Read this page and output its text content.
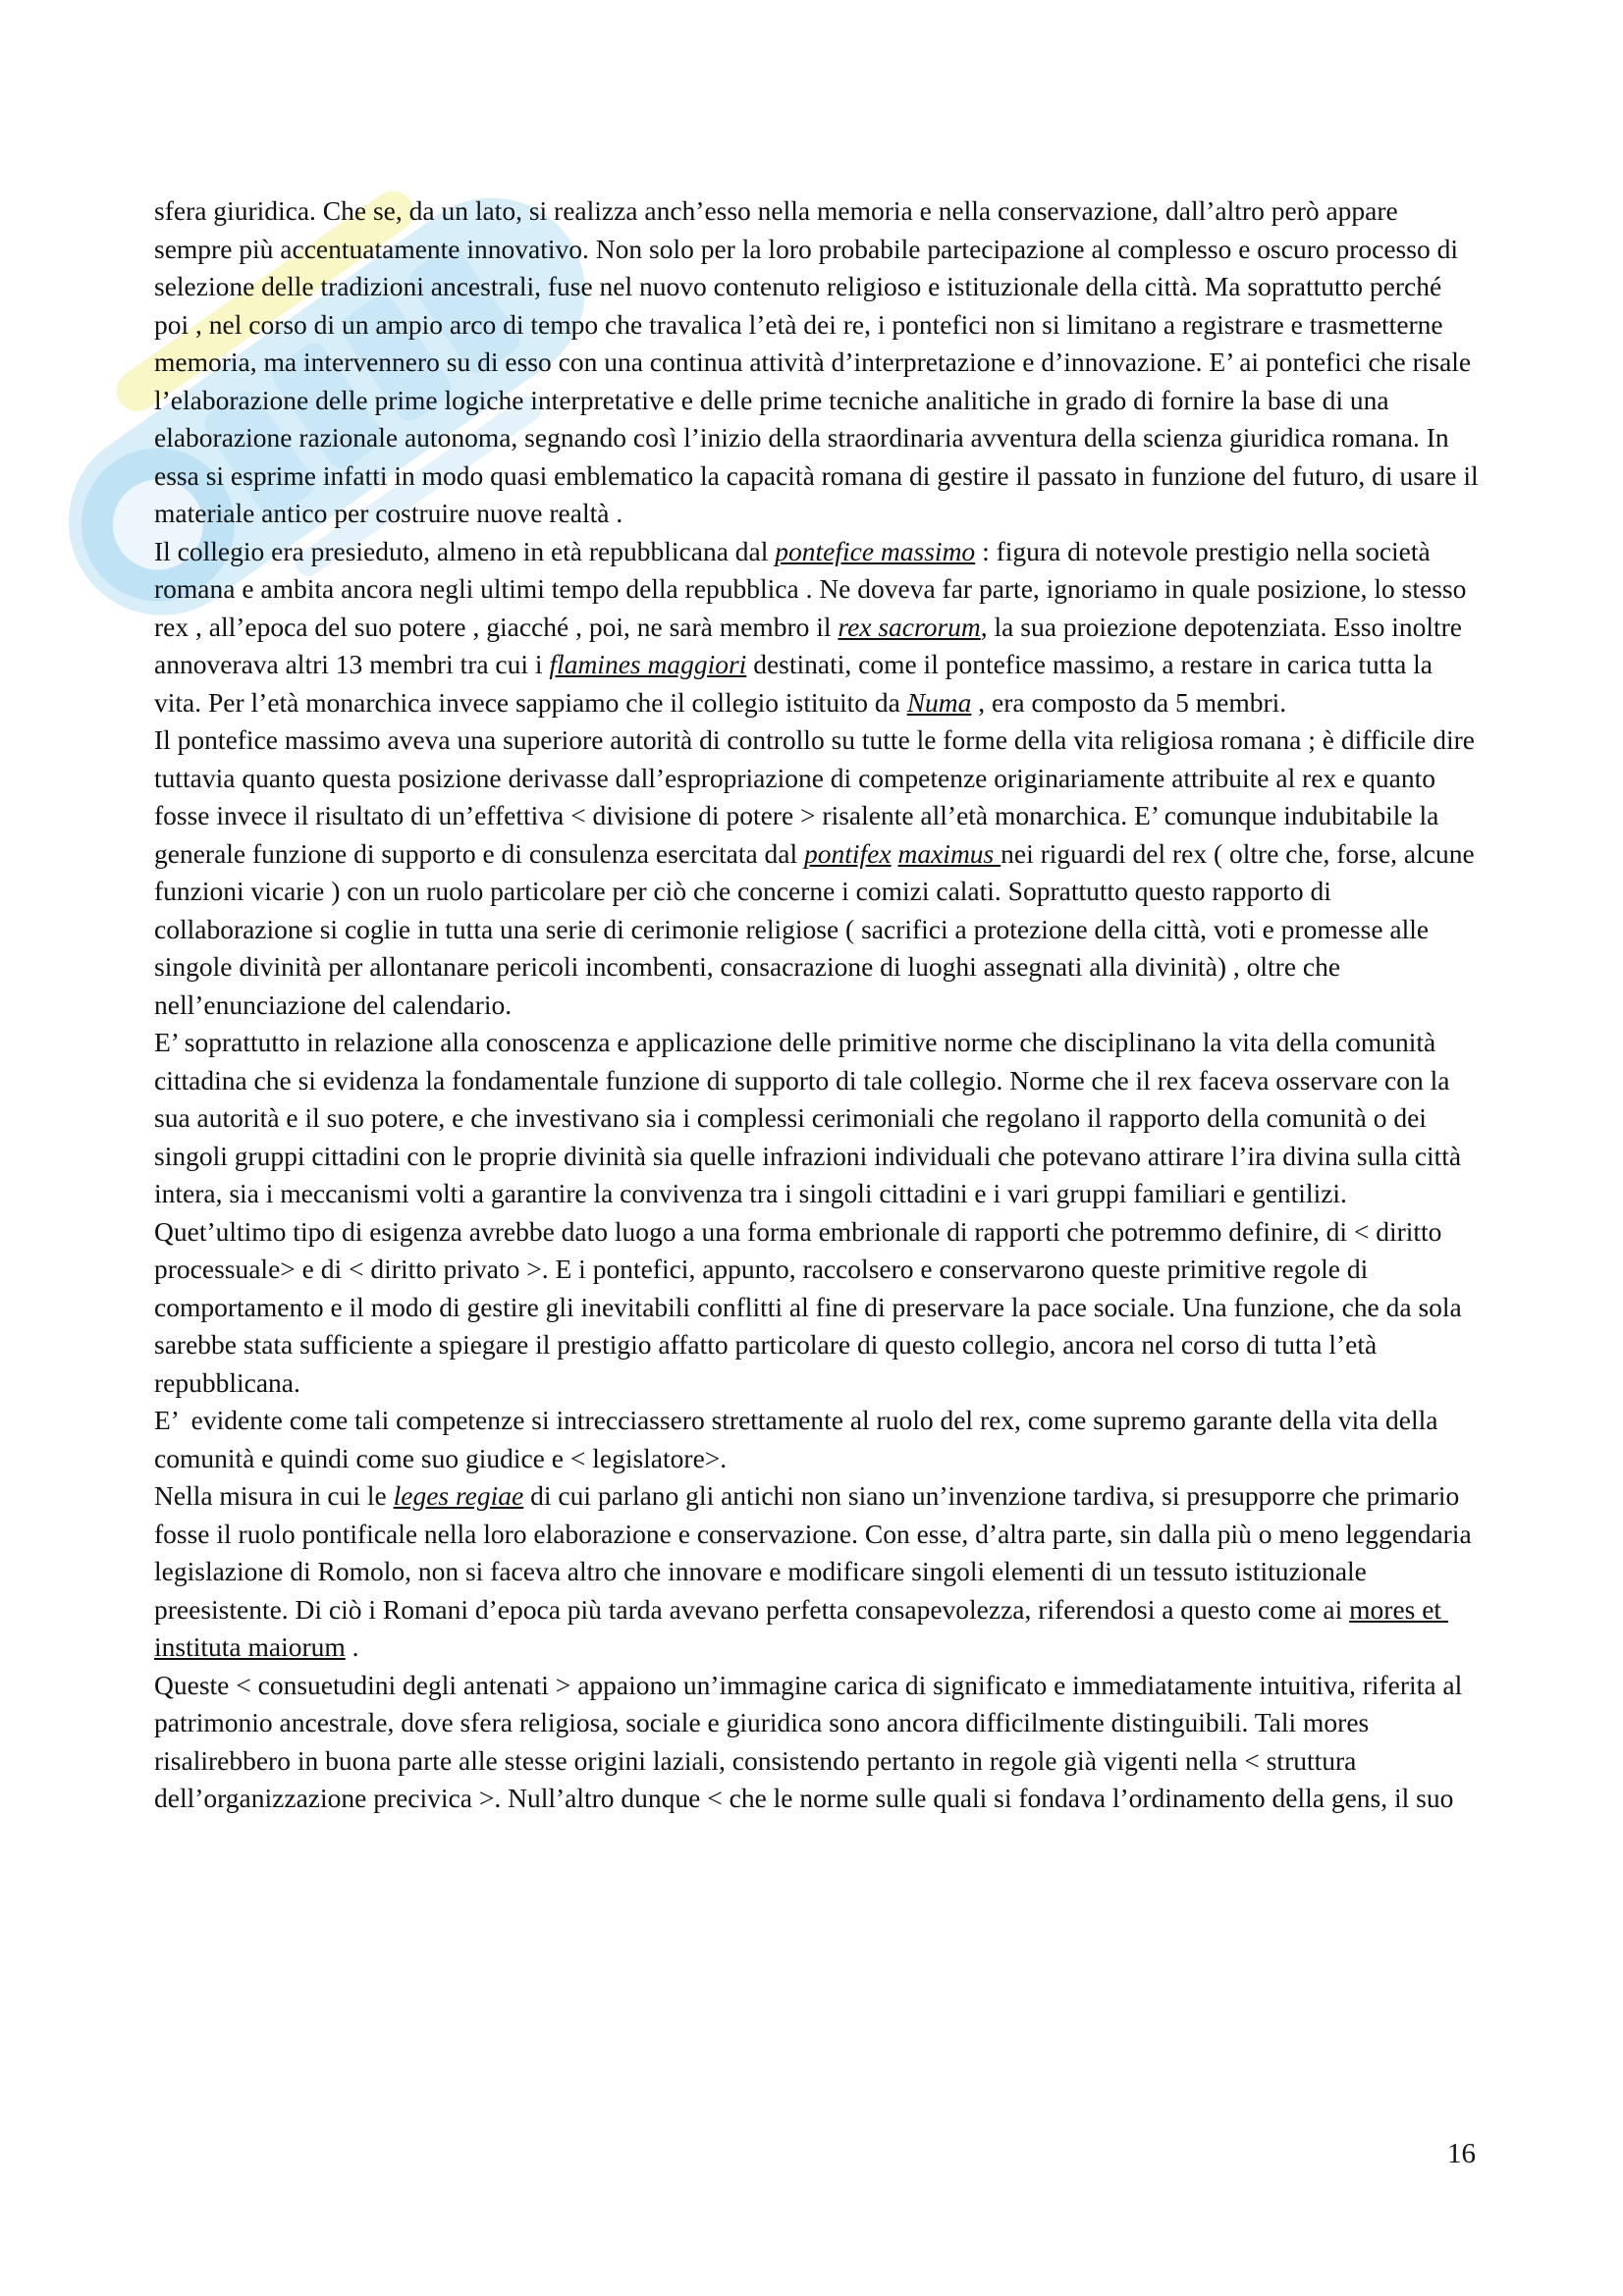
sfera giuridica. Che se, da un lato, si realizza anch’esso nella memoria e nella conservazione, dall’altro però appare sempre più accentuatamente innovativo. Non solo per la loro probabile partecipazione al complesso e oscuro processo di selezione delle tradizioni ancestrali, fuse nel nuovo contenuto religioso e istituzionale della città. Ma soprattutto perché poi , nel corso di un ampio arco di tempo che travalica l’età dei re, i pontefici non si limitano a registrare e trasmetterne memoria, ma intervennero su di esso con una continua attività d’interpretazione e d’innovazione. E’ ai pontefici che risale l’elaborazione delle prime logiche interpretative e delle prime tecniche analitiche in grado di fornire la base di una elaborazione razionale autonoma, segnando così l’inizio della straordinaria avventura della scienza giuridica romana. In essa si esprime infatti in modo quasi emblematico la capacità romana di gestire il passato in funzione del futuro, di usare il  materiale antico per costruire nuove realtà .

Il collegio era presieduto, almeno in età repubblicana dal pontefice massimo : figura di notevole prestigio nella società romana e ambita ancora negli ultimi tempo della repubblica . Ne doveva far parte, ignoriamo in quale posizione, lo stesso rex , all’epoca del suo potere , giacché , poi, ne sarà membro il rex sacrorum, la sua proiezione depotenziata. Esso inoltre annoverava altri 13 membri tra cui i flamines maggiori destinati, come il pontefice massimo, a restare in carica tutta la vita. Per l’età monarchica invece sappiamo che il collegio istituito da Numa , era composto da 5 membri.

Il pontefice massimo aveva una superiore autorità di controllo su tutte le forme della vita religiosa romana ; è difficile dire tuttavia quanto questa posizione derivasse dall’espropriazione di competenze originariamente attribuite al rex e quanto fosse invece il risultato di un’effettiva < divisione di potere > risalente all’età monarchica. E’ comunque indubitabile la generale funzione di supporto e di consulenza esercitata dal pontifex maximus nei riguardi del rex ( oltre che, forse, alcune funzioni vicarie ) con un ruolo particolare per ciò che concerne i comizi calati. Soprattutto questo rapporto di collaborazione si coglie in tutta una serie di cerimonie religiose ( sacrifici a protezione della città, voti e promesse alle singole divinità per allontanare pericoli incombenti, consacrazione di luoghi assegnati alla divinità) , oltre che nell’enunciazione del calendario.

E’ soprattutto in relazione alla conoscenza e applicazione delle primitive norme che disciplinano la vita della comunità cittadina che si evidenza la fondamentale funzione di supporto di tale collegio. Norme che il rex faceva osservare con la sua autorità e il suo potere, e che investivano sia i complessi cerimoniali che regolano il rapporto della comunità o dei singoli gruppi cittadini con le proprie divinità sia quelle infrazioni individuali che potevano attirare l’ira divina sulla città intera, sia i meccanismi volti a garantire la convivenza tra i singoli cittadini e i vari gruppi familiari e gentilizi. Quet’ultimo tipo di esigenza avrebbe dato luogo a una forma embrionale di rapporti che potremmo definire, di < diritto processuale> e di < diritto privato >. E i pontefici, appunto, raccolsero e conservarono queste primitive regole di comportamento e il modo di gestire gli inevitabili conflitti al fine di preservare la pace sociale. Una funzione, che da sola sarebbe stata sufficiente a spiegare il prestigio affatto particolare di questo collegio, ancora nel corso di tutta l’età repubblicana.

E’  evidente come tali competenze si intrecciassero strettamente al ruolo del rex, come supremo garante della vita della comunità e quindi come suo giudice e < legislatore>.

Nella misura in cui le leges regiae di cui parlano gli antichi non siano un’invenzione tardiva, si presupporre che primario fosse il ruolo pontificale nella loro elaborazione e conservazione. Con esse, d’altra parte, sin dalla più o meno leggendaria legislazione di Romolo, non si faceva altro che innovare e modificare singoli elementi di un tessuto istituzionale preesistente. Di ciò i Romani d’epoca più tarda avevano perfetta consapevolezza, riferendosi a questo come ai mores et instituta maiorum .

Queste < consuetudini degli antenati > appaiono un’immagine carica di significato e immediatamente intuitiva, riferita al patrimonio ancestrale, dove sfera religiosa, sociale e giuridica sono ancora difficilmente distinguibili. Tali mores risalirebbero in buona parte alle stesse origini laziali, consistendo pertanto in regole già vigenti nella < struttura dell’organizzazione precivica >. Null’altro dunque < che le norme sulle quali si fondava l’ordinamento della gens, il suo

16
